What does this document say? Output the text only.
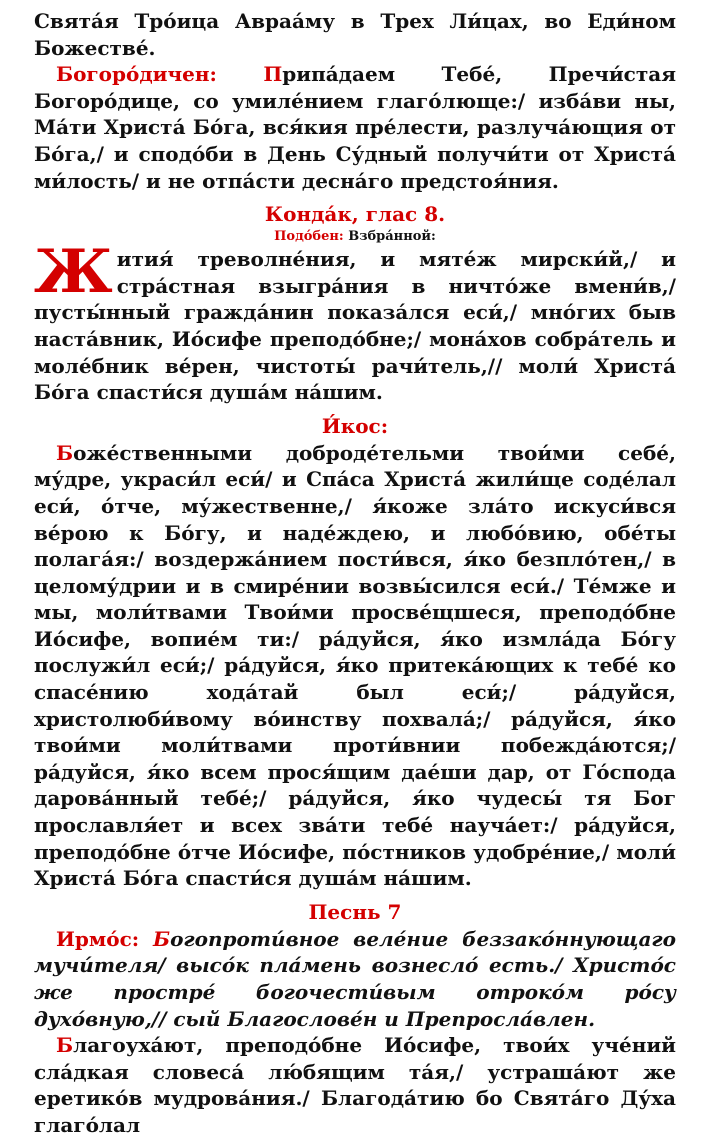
Свята́я Тро́ица Авраа́му в Трех Ли́цах, во Еди́ном Божестве́.

Богоро́дичен: Припа́даем Тебе́, Пречи́стая Богоро́дице, со умиле́нием глаго́люще:/ изба́ви ны, Ма́ти Христа́ Бо́га, вся́кия пре́лести, разлуча́ющия от Бо́га,/ и сподо́би в День Су́дный получи́ти от Христа́ ми́лость/ и не отпа́сти десна́го предстоя́ния.

Конда́к, глас 8.
Подо́бен: Взбра́нной:

Жития́ треволне́ния, и мяте́ж мирски́й,/ и стра́стная взыгра́ния в ничто́же вмени́в,/ пусты́нный гражда́нин показа́лся еси́,/ мно́гих быв наста́вник, Ио́сифе преподо́бне;/ мона́хов собра́тель и моле́бник ве́рен, чистоты́ рачи́тель,// моли́ Христа́ Бо́га спасти́ся душа́м на́шим.

И́кос:

Боже́ственными доброде́тельми твои́ми себе́, му́дре, украси́л еси́/ и Спа́са Христа́ жили́ще соде́лал еси́, о́тче, му́жественне,/ я́коже зла́то искуси́вся ве́рою к Бо́гу, и наде́ждею, и любо́вию, обе́ты полага́я:/ воздержа́нием пости́вся, я́ко безпло́тен,/ в целому́дрии и в смире́нии возвы́сился еси́./ Те́мже и мы, моли́твами Твои́ми просве́щшеся, преподо́бне Ио́сифе, вопие́м ти:/ ра́дуйся, я́ко измла́да Бо́гу послужи́л еси́;/ ра́дуйся, я́ко притека́ющих к тебе́ ко спасе́нию хода́тай был еси́;/ ра́дуйся, христолюби́вому во́инству похвала́;/ ра́дуйся, я́ко твои́ми моли́твами проти́внии побежда́ются;/ ра́дуйся, я́ко всем прося́щим дае́ши дар, от Го́спода дарова́нный тебе́;/ ра́дуйся, я́ко чудесы́ тя Бог прославля́ет и всех зва́ти тебе́ науча́ет:/ ра́дуйся, преподо́бне о́тче Ио́сифе, по́стников удобре́ние,/ моли́ Христа́ Бо́га спасти́ся душа́м на́шим.

Песнь 7

Ирмо́с: Богопроти́вное веле́ние беззако́ннующаго мучи́теля/ высо́к пла́мень вознесло́ есть./ Христо́с же простре́ богочести́вым отроко́м ро́су духо́вную,// сый Благослове́н и Препросла́влен.

Благоуха́ют, преподо́бне Ио́сифе, твои́х уче́ний сла́дкая словеса́ лю́бящим та́я,/ устраша́ют же еретико́в мудрова́ния./ Благода́тию бо Свята́го Ду́ха глаго́лал
